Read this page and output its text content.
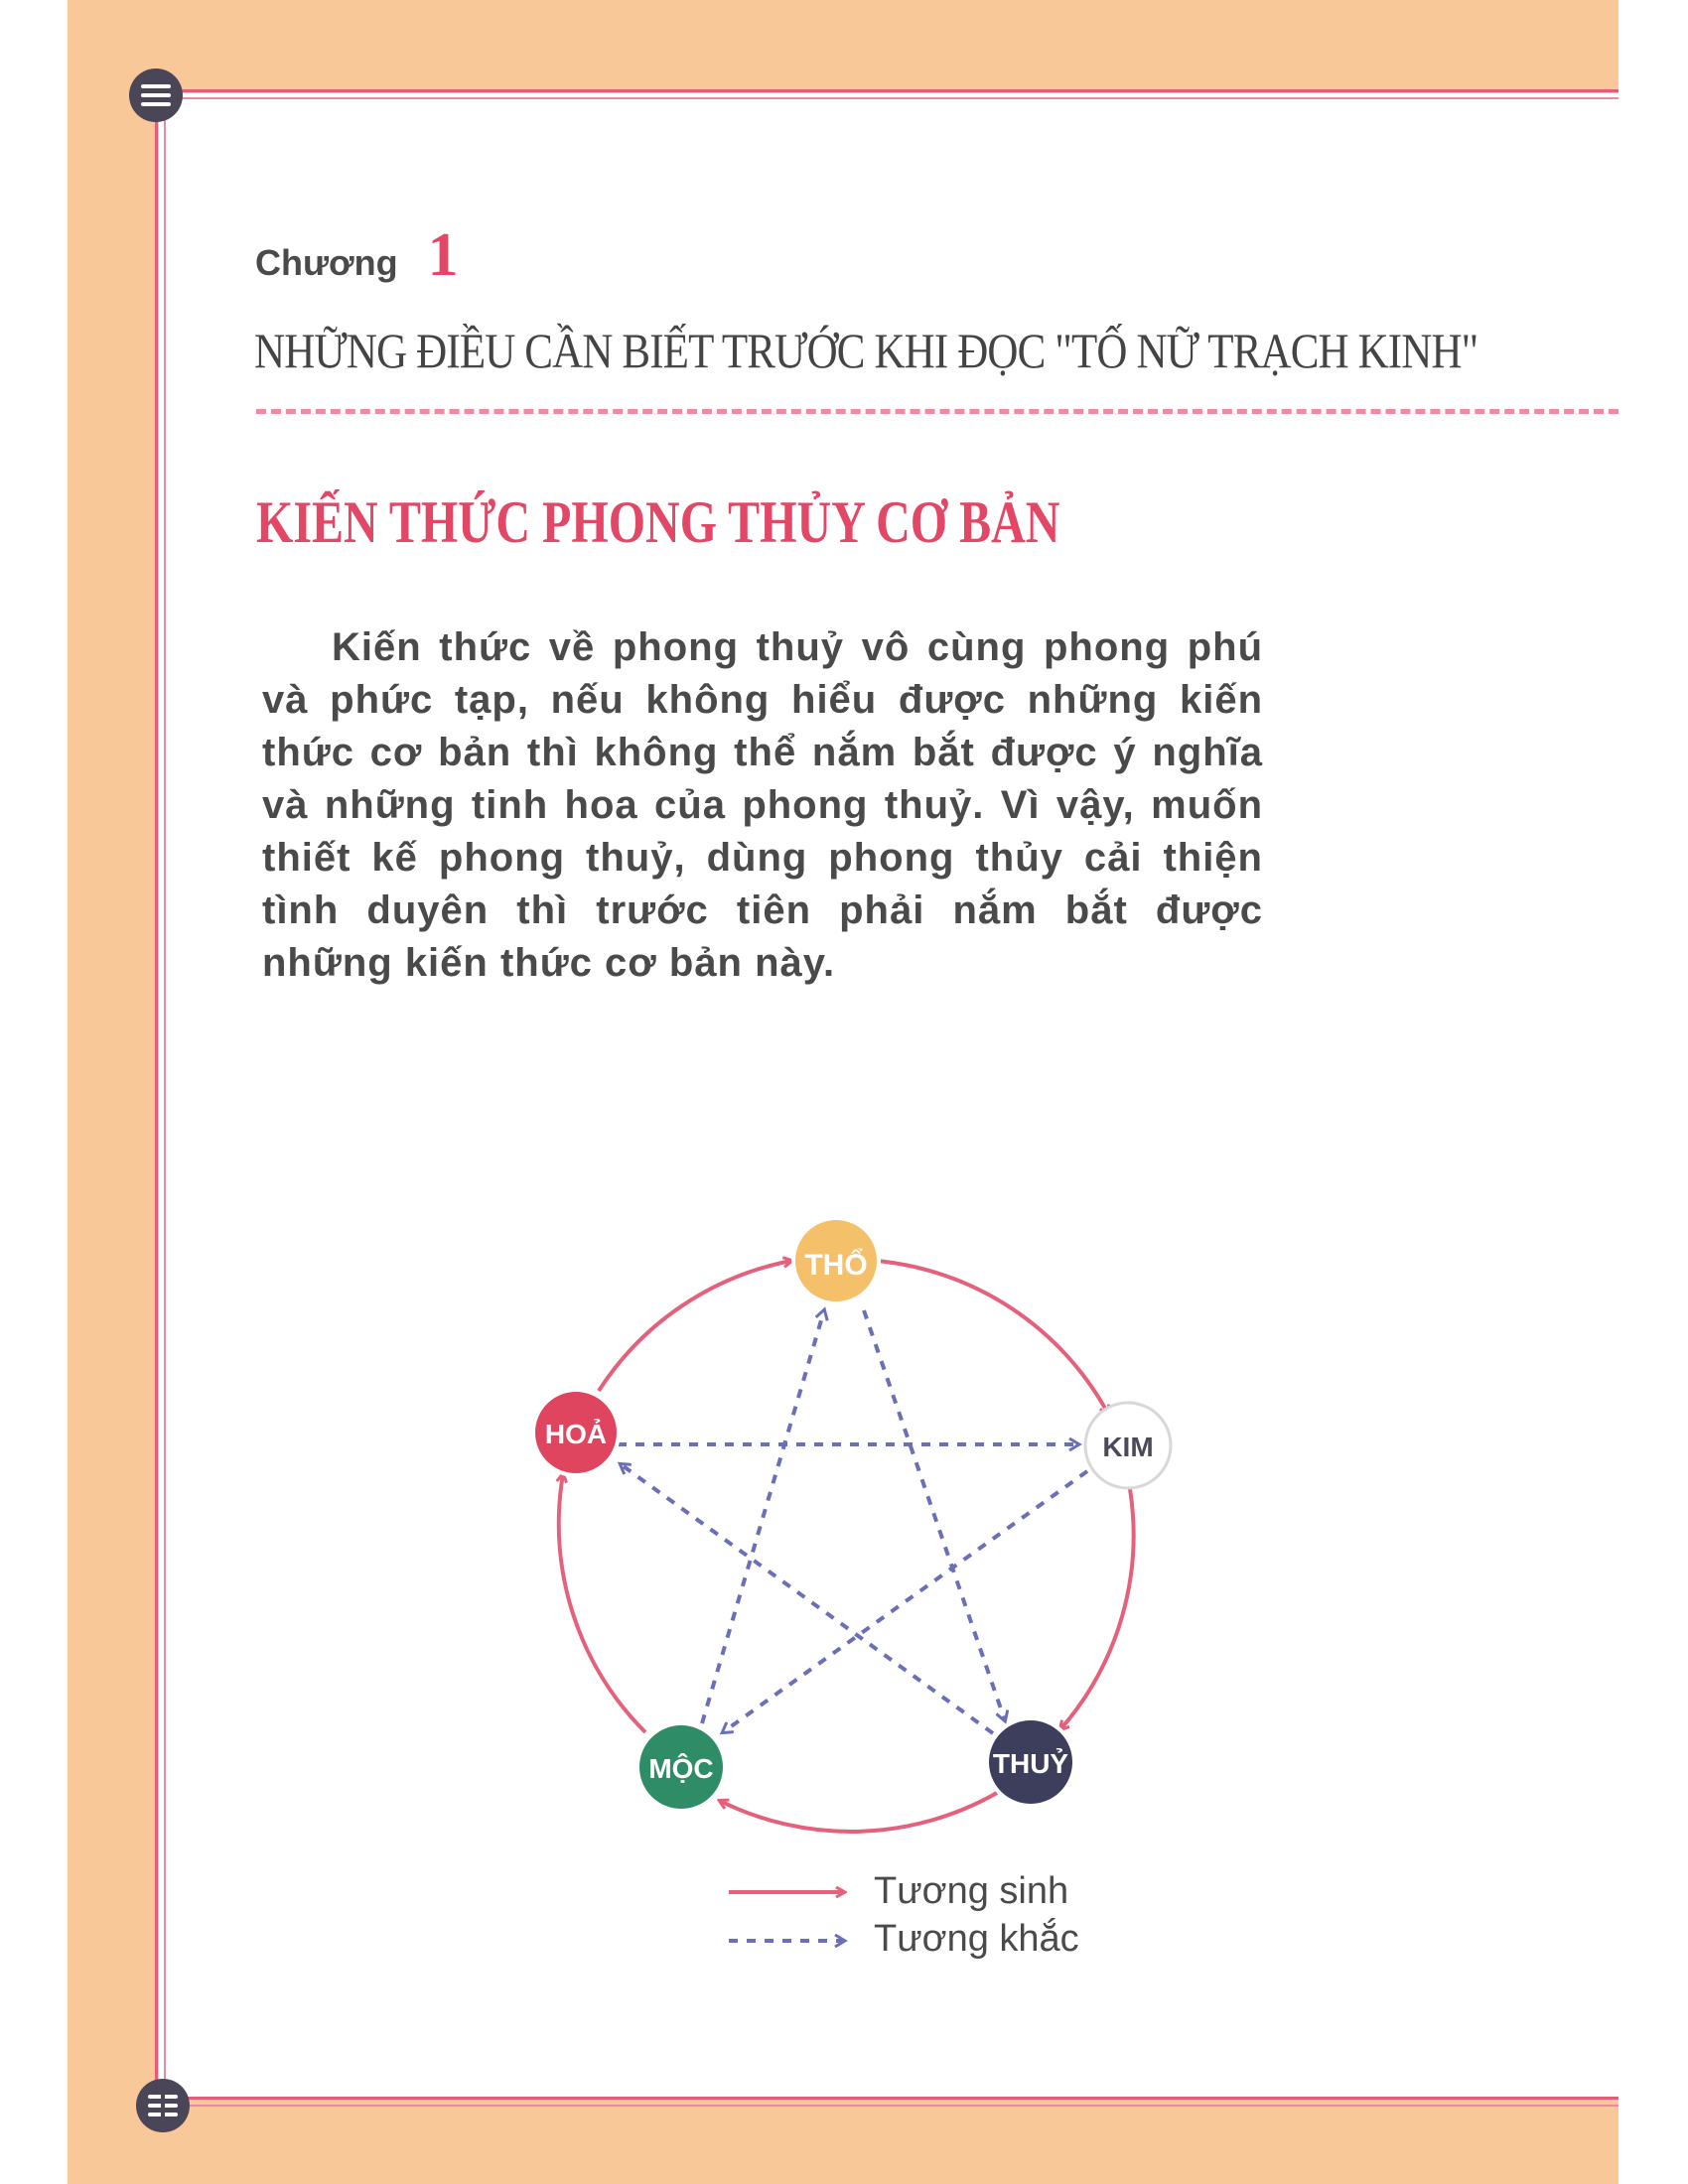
Chương 1
NHỮNG ĐIỀU CẦN BIẾT TRƯỚC KHI ĐỌC "TỐ NỮ TRẠCH KINH"
KIẾN THỨC PHONG THỦY CƠ BẢN

Kiến thức về phong thuỷ vô cùng phong phú và phức tạp, nếu không hiểu được những kiến thức cơ bản thì không thể nắm bắt được ý nghĩa và những tinh hoa của phong thuỷ. Vì vậy, muốn thiết kế phong thuỷ, dùng phong thủy cải thiện tình duyên thì trước tiên phải nắm bắt được những kiến thức cơ bản này.

THỔ
KIM
THUỶ
MỘC
HOẢ
Tương sinh
Tương khắc
